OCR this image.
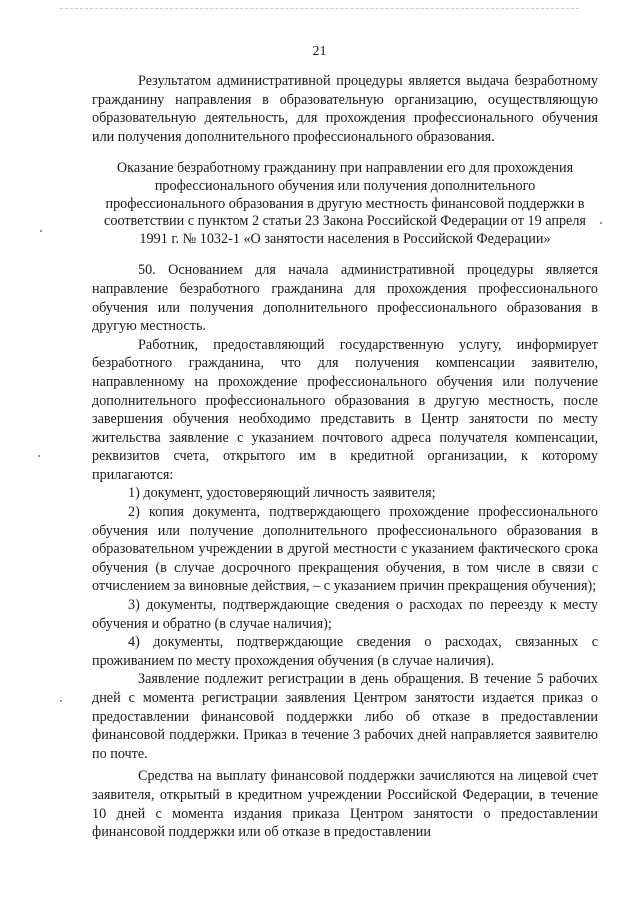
21

Результатом административной процедуры является выдача безработному гражданину направления в образовательную организацию, осуществляющую образовательную деятельность, для прохождения профессионального обучения или получения дополнительного профессионального образования.

Оказание безработному гражданину при направлении его для прохождения профессионального обучения или получения дополнительного профессионального образования в другую местность финансовой поддержки в соответствии с пунктом 2 статьи 23 Закона Российской Федерации от 19 апреля 1991 г. № 1032-1 «О занятости населения в Российской Федерации»

50. Основанием для начала административной процедуры является направление безработного гражданина для прохождения профессионального обучения или получения дополнительного профессионального образования в другую местность.

Работник, предоставляющий государственную услугу, информирует безработного гражданина, что для получения компенсации заявителю, направленному на прохождение профессионального обучения или получение дополнительного профессионального образования в другую местность, после завершения обучения необходимо представить в Центр занятости по месту жительства заявление с указанием почтового адреса получателя компенсации, реквизитов счета, открытого им в кредитной организации, к которому прилагаются:

1) документ, удостоверяющий личность заявителя;

2) копия документа, подтверждающего прохождение профессионального обучения или получение дополнительного профессионального образования в образовательном учреждении в другой местности с указанием фактического срока обучения (в случае досрочного прекращения обучения, в том числе в связи с отчислением за виновные действия, – с указанием причин прекращения обучения);

3) документы, подтверждающие сведения о расходах по переезду к месту обучения и обратно (в случае наличия);

4) документы, подтверждающие сведения о расходах, связанных с проживанием по месту прохождения обучения (в случае наличия).

Заявление подлежит регистрации в день обращения. В течение 5 рабочих дней с момента регистрации заявления Центром занятости издается приказ о предоставлении финансовой поддержки либо об отказе в предоставлении финансовой поддержки. Приказ в течение 3 рабочих дней направляется заявителю по почте.

Средства на выплату финансовой поддержки зачисляются на лицевой счет заявителя, открытый в кредитном учреждении Российской Федерации, в течение 10 дней с момента издания приказа Центром занятости о предоставлении финансовой поддержки или об отказе в предоставлении
